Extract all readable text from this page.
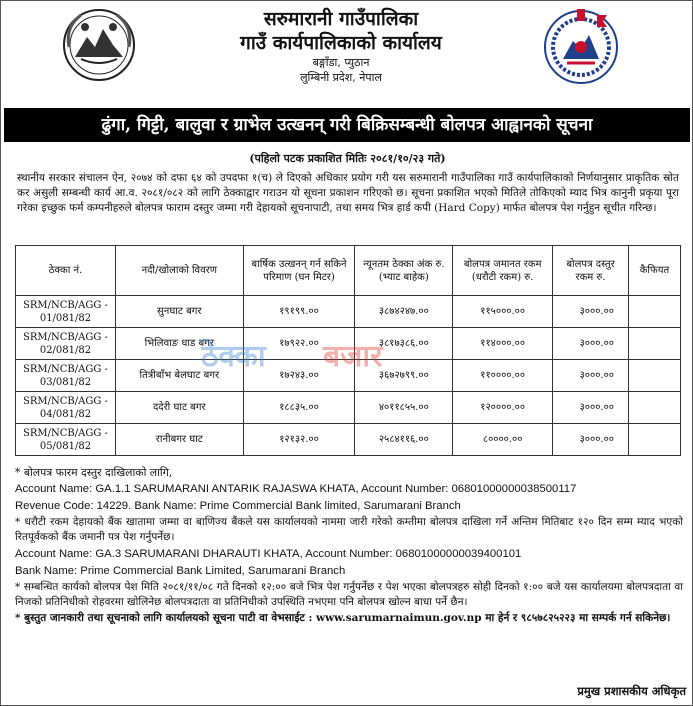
सरुमारानी गाउँपालिका
गाउँ कार्यपालिकाको कार्यालय
बङ्गाँडा, प्युठान
लुम्बिनी प्रदेश, नेपाल
ढुंगा, गिट्टी, बालुवा र ग्राभेल उत्खनन् गरी बिक्रिसम्बन्धी बोलपत्र आह्वानको सूचना
(पहिलो पटक प्रकाशित मितिः २०८१/१०/२३ गते)
स्थानीय सरकार संचालन ऐन, २०७४ को दफा ६४ को उपदफा १(च) ले दिएको अधिकार प्रयोग गरी यस सरुमारानी गाउँपालिका गाउँ कार्यपालिकाको निर्णयानुसार प्राकृतिक स्रोत कर असुली सम्बन्धी कार्य आ.व. २०८१/०८२ को लागि ठेक्काद्वार गराउन यो सूचना प्रकाशन गरिएको छ। सूचना प्रकाशित भएको मितिले तोकिएको म्याद भित्र कानुनी प्रकृया पूरा गरेका इच्छुक फर्म कम्पनीहरुले बोलपत्र फाराम दस्तुर जम्मा गरी देहायको सूचनापाटी, तथा समय भित्र हार्ड कपी (Hard Copy) मार्फत बोलपत्र पेश गर्नुहुन सूचीत गरिन्छ।
ठेक्का नं.	नदी/खोलाको विवरण	बार्षिक उत्खनन् गर्न सकिने परिमाण (घन मिटर)	न्यूनतम ठेक्का अंक रु. (भ्याट बाहेक)	बोलपत्र जमानत रकम (धरौटी रकम) रु.	बोलपत्र दस्तुर रकम रु.	कैफियत
SRM/NCB/AGG - 01/081/82	सुनघाट बगर	१९१९९.००	३८७४२४७.००	११५०००.००	३०००.००	
SRM/NCB/AGG - 02/081/82	भिलिवाङ धाड बगर	१७९२२.००	३८१७३८६.००	११४०००.००	३०००.००	
SRM/NCB/AGG - 03/081/82	तित्रीबाँभ बेलघाट बगर	१७२४३.००	३६७२७९९.००	११००००.००	३०००.००	
SRM/NCB/AGG - 04/081/82	ददेरी घाट बगर	१८८३५.००	४०११८५५.००	१२००००.००	३०००.००	
SRM/NCB/AGG - 05/081/82	रानीबगर घाट	१२१३२.००	२५८४११६.००	८००००.००	३०००.००	
ठेक्का बजार

* बोलपत्र फारम दस्तुर दाखिलाको लागि,

Account Name: GA.1.1 SARUMARANI ANTARIK RAJASWA KHATA, Account Number: 06801000000038500117

Revenue Code: 14229. Bank Name: Prime Commercial Bank limited, Sarumarani Branch

* धरौटी रकम देहायको बैंक खातामा जम्मा वा बाणिज्य बैंकले यस कार्यालयको नाममा जारी गरेको कम्तीमा बोलपत्र दाखिला गर्ने अन्तिम मितिबाट १२० दिन सम्म म्याद भएको रितपूर्वकको बैंक जमानी पत्र पेश गर्नुपर्नेछ।

Account Name: GA.3 SARUMARANI DHARAUTI KHATA, Account Number: 06801000000039400101

Bank Name: Prime Commercial Bank Limited, Sarumarani Branch

* सम्बन्धित कार्यको बोलपत्र पेश मिति २०८१/११/०८ गते दिनको १२:०० बजे भित्र पेश गर्नुपर्नेछ र पेश भएका बोलपत्रहरु सोही दिनको १:०० बजे यस कार्यालयमा बोलपत्रदाता वा निजको प्रतिनिधीको रोहवरमा खोलिनेछ बोलपत्रदाता वा प्रतिनिधीको उपस्थिति नभएमा पनि बोलपत्र खोल्न बाधा पर्ने छैन।

* बुस्तुत जानकारी तथा सूचनाको लागि कार्यालयको सूचना पाटी वा वेभसाईट : www.sarumarnaimun.gov.np मा हेर्न र ९८५७८२५२२३ मा सम्पर्क गर्न सकिनेछ।

प्रमुख प्रशासकीय अधिकृत
